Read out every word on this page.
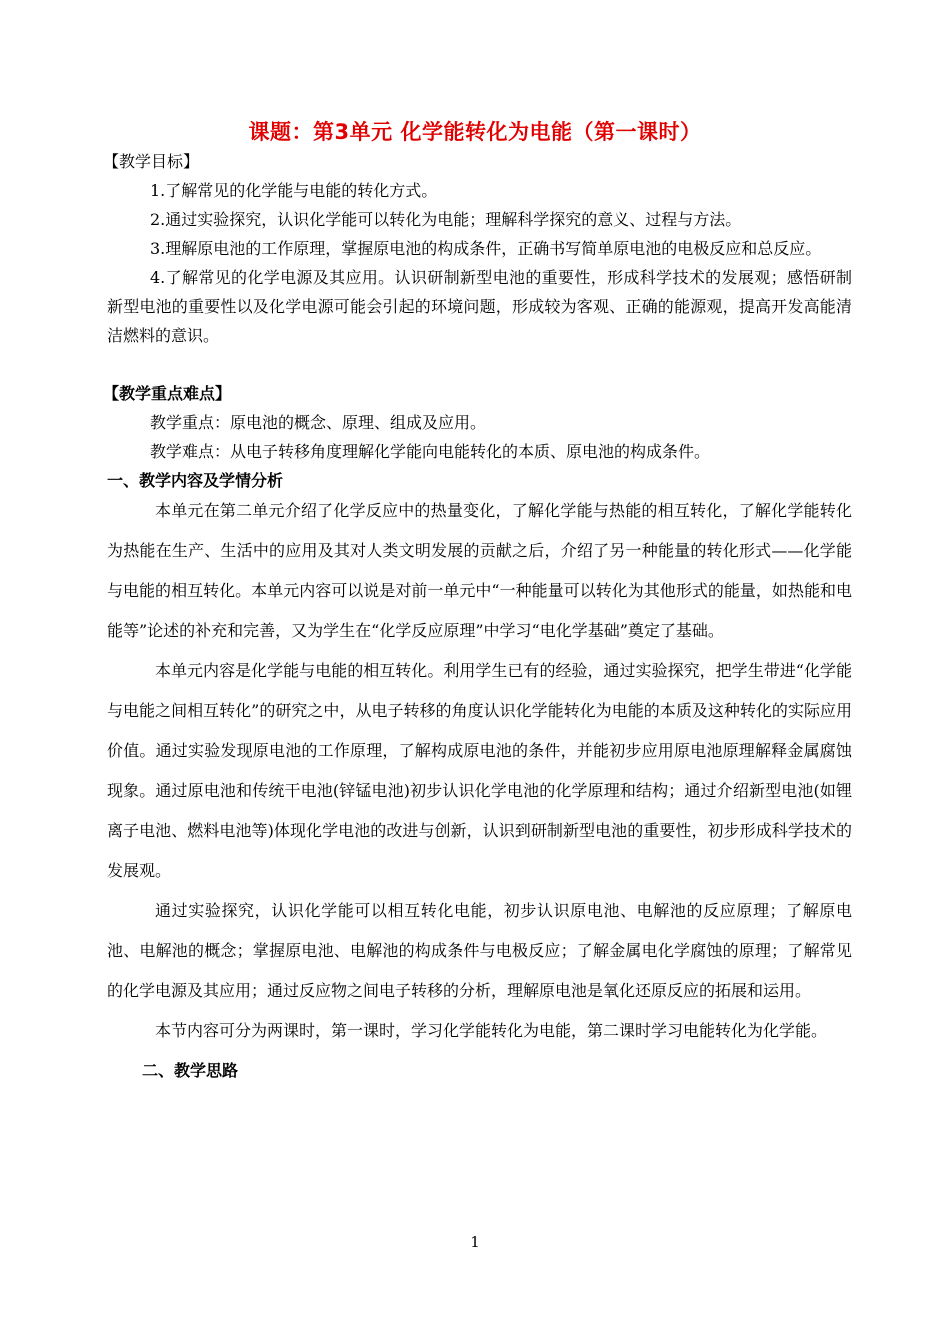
课题：第3单元 化学能转化为电能（第一课时）

【教学目标】

1.了解常见的化学能与电能的转化方式。

2.通过实验探究，认识化学能可以转化为电能；理解科学探究的意义、过程与方法。

3.理解原电池的工作原理，掌握原电池的构成条件，正确书写简单原电池的电极反应和总反应。

4.了解常见的化学电源及其应用。认识研制新型电池的重要性，形成科学技术的发展观；感悟研制新型电池的重要性以及化学电源可能会引起的环境问题，形成较为客观、正确的能源观，提高开发高能清洁燃料的意识。

【教学重点难点】

教学重点：原电池的概念、原理、组成及应用。

教学难点：从电子转移角度理解化学能向电能转化的本质、原电池的构成条件。

一、教学内容及学情分析

本单元在第二单元介绍了化学反应中的热量变化，了解化学能与热能的相互转化，了解化学能转化为热能在生产、生活中的应用及其对人类文明发展的贡献之后，介绍了另一种能量的转化形式——化学能与电能的相互转化。本单元内容可以说是对前一单元中“一种能量可以转化为其他形式的能量，如热能和电能等”论述的补充和完善，又为学生在“化学反应原理”中学习“电化学基础”奠定了基础。

本单元内容是化学能与电能的相互转化。利用学生已有的经验，通过实验探究，把学生带进“化学能与电能之间相互转化”的研究之中，从电子转移的角度认识化学能转化为电能的本质及这种转化的实际应用价值。通过实验发现原电池的工作原理，了解构成原电池的条件，并能初步应用原电池原理解释金属腐蚀现象。通过原电池和传统干电池(锌锰电池)初步认识化学电池的化学原理和结构；通过介绍新型电池(如锂离子电池、燃料电池等)体现化学电池的改进与创新，认识到研制新型电池的重要性，初步形成科学技术的发展观。

通过实验探究，认识化学能可以相互转化电能，初步认识原电池、电解池的反应原理；了解原电池、电解池的概念；掌握原电池、电解池的构成条件与电极反应；了解金属电化学腐蚀的原理；了解常见的化学电源及其应用；通过反应物之间电子转移的分析，理解原电池是氧化还原反应的拓展和运用。

本节内容可分为两课时，第一课时，学习化学能转化为电能，第二课时学习电能转化为化学能。

二、教学思路

1
